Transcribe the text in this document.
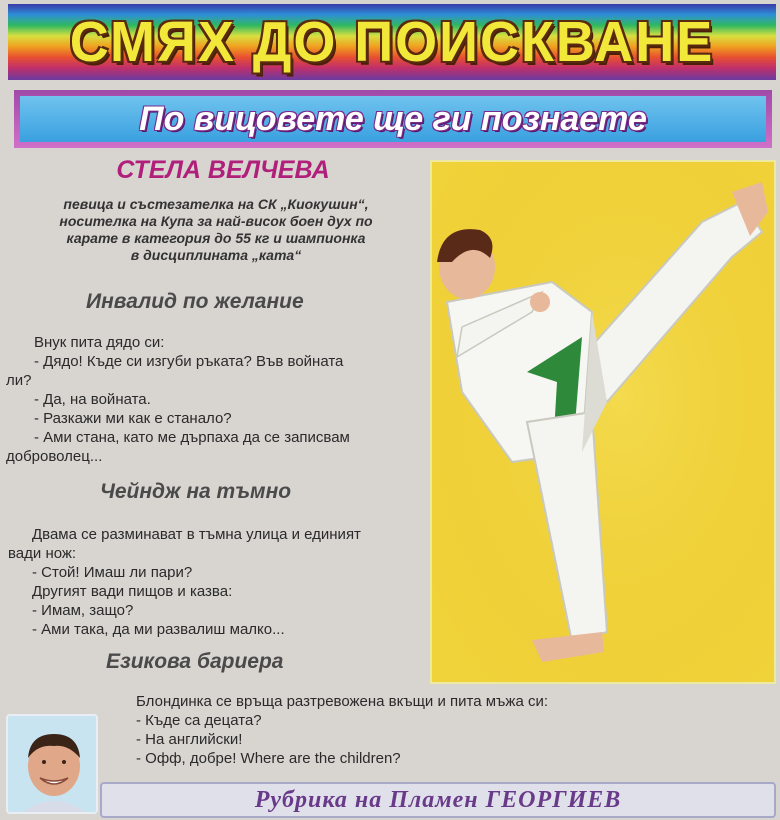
СМЯХ ДО ПОИСКВАНЕ
По вицовете ще ги познаете
СТЕЛА ВЕЛЧЕВА
певица и състезателка на СК „Киокушин“,
носителка на Купа за най-висок боен дух по
карате в категория до 55 кг и шампионка
в дисциплината „ката“
Инвалид по желание
Внук пита дядо си:
- Дядо! Къде си изгуби ръката? Във войната
ли?
- Да, на войната.
- Разкажи ми как е станало?
- Ами стана, като ме дърпаха да се записвам
доброволец...
Чейндж на тъмно
Двама се разминават в тъмна улица и единият
вади нож:
- Стой! Имаш ли пари?
Другият вади пищов и казва:
- Имам, защо?
- Ами така, да ми развалиш малко...
Езикова бариера
Блондинка се връща разтревожена вкъщи и пита мъжа си:
- Къде са децата?
- На английски!
- Офф, добре! Where are the children?
Рубрика на Пламен ГЕОРГИЕВ
